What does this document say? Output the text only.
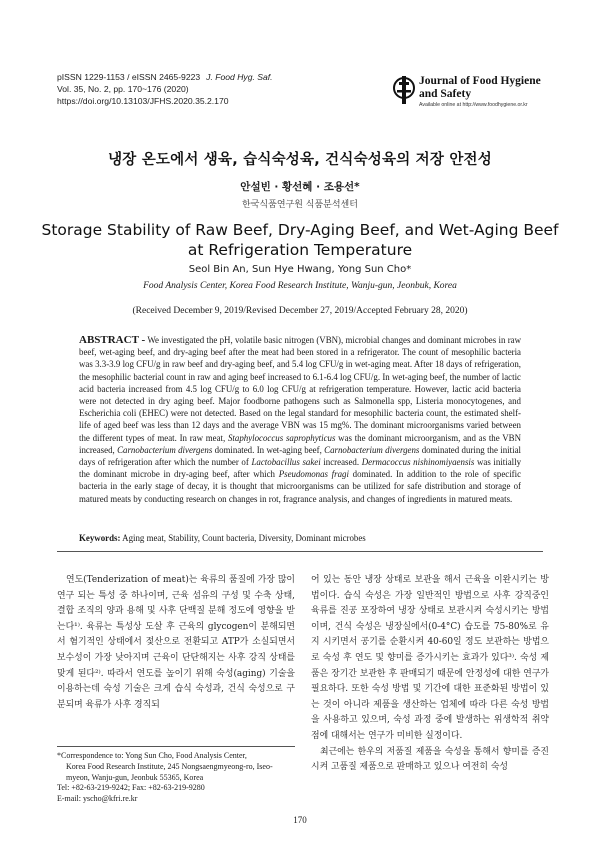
pISSN 1229-1153 / eISSN 2465-9223 J. Food Hyg. Saf.
Vol. 35, No. 2, pp. 170~176 (2020)
https://doi.org/10.13103/JFHS.2020.35.2.170
Journal of Food Hygiene
and Safety
Available online at http://www.foodhygiene.or.kr
냉장 온도에서 생육, 습식숙성육, 건식숙성육의 저장 안전성
안설빈 · 황선혜 · 조용선*
한국식품연구원 식품분석센터
Storage Stability of Raw Beef, Dry-Aging Beef, and Wet-Aging Beef
at Refrigeration Temperature
Seol Bin An, Sun Hye Hwang, Yong Sun Cho*
Food Analysis Center, Korea Food Research Institute, Wanju-gun, Jeonbuk, Korea
(Received December 9, 2019/Revised December 27, 2019/Accepted February 28, 2020)
ABSTRACT - We investigated the pH, volatile basic nitrogen (VBN), microbial changes and dominant microbes in raw beef, wet-aging beef, and dry-aging beef after the meat had been stored in a refrigerator. The count of mesophilic bacteria was 3.3-3.9 log CFU/g in raw beef and dry-aging beef, and 5.4 log CFU/g in wet-aging meat. After 18 days of refrigeration, the mesophilic bacterial count in raw and aging beef increased to 6.1-6.4 log CFU/g. In wet-aging beef, the number of lactic acid bacteria increased from 4.5 log CFU/g to 6.0 log CFU/g at refrigeration temperature. However, lactic acid bacteria were not detected in dry aging beef. Major foodborne pathogens such as Salmonella spp, Listeria monocytogenes, and Escherichia coli (EHEC) were not detected. Based on the legal standard for mesophilic bacteria count, the estimated shelf-life of aged beef was less than 12 days and the average VBN was 15 mg%. The dominant microorganisms varied between the different types of meat. In raw meat, Staphylococcus saprophyticus was the dominant microorganism, and as the VBN increased, Carnobacterium divergens dominated. In wet-aging beef, Carnobacterium divergens dominated during the initial days of refrigeration after which the number of Lactobacillus sakei increased. Dermacoccus nishinomiyaensis was initially the dominant microbe in dry-aging beef, after which Pseudomonas fragi dominated. In addition to the role of specific bacteria in the early stage of decay, it is thought that microorganisms can be utilized for safe distribution and storage of matured meats by conducting research on changes in rot, fragrance analysis, and changes of ingredients in matured meats.
Keywords: Aging meat, Stability, Count bacteria, Diversity, Dominant microbes

연도(Tenderization of meat)는 육류의 품질에 가장 많이 연구 되는 특성 중 하나이며, 근육 섬유의 구성 및 수축 상태, 결합 조직의 양과 용해 및 사후 단백질 분해 정도에 영향을 받는다¹⁾. 육류는 특성상 도살 후 근육의 glycogen이 분해되면서 혐기적인 상태에서 젖산으로 전환되고 ATP가 소실되면서 보수성이 가장 낮아지며 근육이 단단해지는 사후 강직 상태를 맞게 된다²⁾. 따라서 연도를 높이기 위해 숙성(aging) 기술을 이용하는데 숙성 기술은 크게 습식 숙성과, 건식 숙성으로 구분되며 육류가 사후 경직되

어 있는 동안 냉장 상태로 보관을 해서 근육을 이완시키는 방법이다. 습식 숙성은 가장 일반적인 방법으로 사후 강직중인 육류를 진공 포장하여 냉장 상태로 보관시켜 숙성시키는 방법이며, 건식 숙성은 냉장실에서(0-4°C) 습도를 75-80%로 유지 시키면서 공기를 순환시켜 40-60일 정도 보관하는 방법으로 숙성 후 연도 및 향미를 증가시키는 효과가 있다³⁾. 숙성 제품은 장기간 보관한 후 판매되기 때문에 안정성에 대한 연구가 필요하다. 또한 숙성 방법 및 기간에 대한 표준화된 방법이 있는 것이 아니라 제품을 생산하는 업체에 따라 다른 숙성 방법을 사용하고 있으며, 숙성 과정 중에 발생하는 위생학적 취약점에 대해서는 연구가 미비한 실정이다.

최근에는 한우의 저품질 제품을 숙성을 통해서 향미를 증진시켜 고품질 제품으로 판매하고 있으나 여전히 숙성

*Correspondence to: Yong Sun Cho, Food Analysis Center,
Korea Food Research Institute, 245 Nongsaengmyeong-ro, Iseo-
myeon, Wanju-gun, Jeonbuk 55365, Korea
Tel: +82-63-219-9242; Fax: +82-63-219-9280
E-mail: yscho@kfri.re.kr
170
